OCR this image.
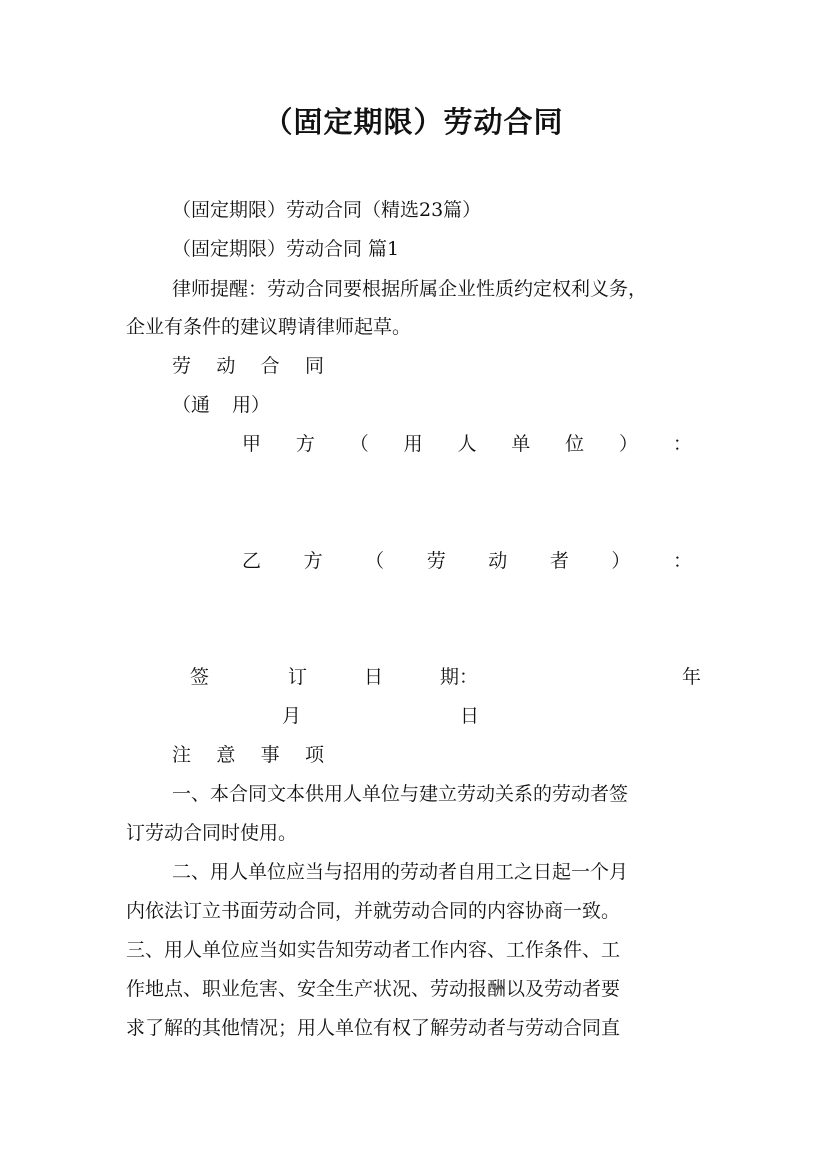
（固定期限）劳动合同
（固定期限）劳动合同（精选23篇）
（固定期限）劳动合同 篇1
律师提醒：劳动合同要根据所属企业性质约定权利义务，
企业有条件的建议聘请律师起草。
劳 动 合 同
（通 用）
甲 方 （ 用 人 单 位 ） ：
乙 方 （ 劳 动 者 ） ：
签	订	日	期：	年
月	日
注 意 事 项
一、本合同文本供用人单位与建立劳动关系的劳动者签
订劳动合同时使用。
二、用人单位应当与招用的劳动者自用工之日起一个月
内依法订立书面劳动合同，并就劳动合同的内容协商一致。
三、用人单位应当如实告知劳动者工作内容、工作条件、工
作地点、职业危害、安全生产状况、劳动报酬以及劳动者要
求了解的其他情况；用人单位有权了解劳动者与劳动合同直
